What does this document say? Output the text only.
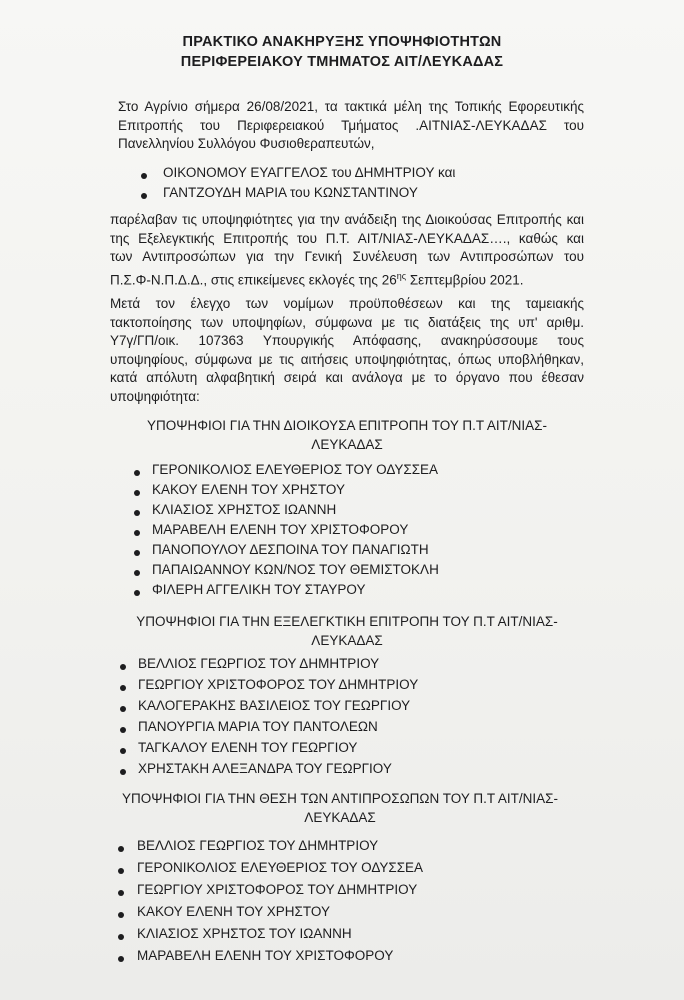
ΠΡΑΚΤΙΚΟ ΑΝΑΚΗΡΥΞΗΣ ΥΠΟΨΗΦΙΟΤΗΤΩΝ
ΠΕΡΙΦΕΡΕΙΑΚΟΥ ΤΜΗΜΑΤΟΣ ΑΙΤ/ΛΕΥΚΑΔΑΣ
Στο Αγρίνιο σήμερα 26/08/2021, τα τακτικά μέλη της Τοπικής Εφορευτικής
Επιτροπής του Περιφερειακού Τμήματος .ΑΙΤΝΙΑΣ-ΛΕΥΚΑΔΑΣ του
Πανελληνίου Συλλόγου Φυσιοθεραπευτών,
ΟΙΚΟΝΟΜΟΥ ΕΥΑΓΓΕΛΟΣ του ΔΗΜΗΤΡΙΟΥ και
ΓΑΝΤΖΟΥΔΗ ΜΑΡΙΑ του ΚΩΝΣΤΑΝΤΙΝΟΥ
παρέλαβαν τις υποψηφιότητες για την ανάδειξη της Διοικούσας Επιτροπής και
της Εξελεγκτικής Επιτροπής του Π.Τ. ΑΙΤ/ΝΙΑΣ-ΛΕΥΚΑΔΑΣ…., καθώς και
των Αντιπροσώπων για την Γενική Συνέλευση των Αντιπροσώπων του
Π.Σ.Φ-Ν.Π.Δ.Δ., στις επικείμενες εκλογές της $26^{\eta\varsigma}$ Σεπτεμβρίου 2021.
Μετά τον έλεγχο των νομίμων προϋποθέσεων και της ταμειακής
τακτοποίησης των υποψηφίων, σύμφωνα με τις διατάξεις της υπ' αριθμ.
Υ7γ/ΓΠ/οικ. 107363 Υπουργικής Απόφασης, ανακηρύσσουμε τους
υποψηφίους, σύμφωνα με τις αιτήσεις υποψηφιότητας, όπως υποβλήθηκαν,
κατά απόλυτη αλφαβητική σειρά και ανάλογα με το όργανο που έθεσαν
υποψηφιότητα:
ΥΠΟΨΗΦΙΟΙ ΓΙΑ ΤΗΝ ΔΙΟΙΚΟΥΣΑ ΕΠΙΤΡΟΠΗ ΤΟΥ Π.Τ ΑΙΤ/ΝΙΑΣ-
ΛΕΥΚΑΔΑΣ
ΓΕΡΟΝΙΚΟΛΙΟΣ ΕΛΕΥΘΕΡΙΟΣ ΤΟΥ ΟΔΥΣΣΕΑ
ΚΑΚΟΥ ΕΛΕΝΗ ΤΟΥ ΧΡΗΣΤΟΥ
ΚΛΙΑΣΙΟΣ ΧΡΗΣΤΟΣ ΙΩΑΝΝΗ
ΜΑΡΑΒΕΛΗ ΕΛΕΝΗ ΤΟΥ ΧΡΙΣΤΟΦΟΡΟΥ
ΠΑΝΟΠΟΥΛΟΥ ΔΕΣΠΟΙΝΑ ΤΟΥ ΠΑΝΑΓΙΩΤΗ
ΠΑΠΑΙΩΑΝΝΟΥ ΚΩΝ/ΝΟΣ ΤΟΥ ΘΕΜΙΣΤΟΚΛΗ
ΦΙΛΕΡΗ ΑΓΓΕΛΙΚΗ ΤΟΥ ΣΤΑΥΡΟΥ
ΥΠΟΨΗΦΙΟΙ ΓΙΑ ΤΗΝ ΕΞΕΛΕΓΚΤΙΚΗ ΕΠΙΤΡΟΠΗ ΤΟΥ Π.Τ ΑΙΤ/ΝΙΑΣ-
ΛΕΥΚΑΔΑΣ
ΒΕΛΛΙΟΣ ΓΕΩΡΓΙΟΣ ΤΟΥ ΔΗΜΗΤΡΙΟΥ
ΓΕΩΡΓΙΟΥ ΧΡΙΣΤΟΦΟΡΟΣ ΤΟΥ ΔΗΜΗΤΡΙΟΥ
ΚΑΛΟΓΕΡΑΚΗΣ ΒΑΣΙΛΕΙΟΣ ΤΟΥ ΓΕΩΡΓΙΟΥ
ΠΑΝΟΥΡΓΙΑ ΜΑΡΙΑ ΤΟΥ ΠΑΝΤΟΛΕΩΝ
ΤΑΓΚΑΛΟΥ ΕΛΕΝΗ ΤΟΥ ΓΕΩΡΓΙΟΥ
ΧΡΗΣΤΑΚΗ ΑΛΕΞΑΝΔΡΑ ΤΟΥ ΓΕΩΡΓΙΟΥ
ΥΠΟΨΗΦΙΟΙ ΓΙΑ ΤΗΝ ΘΕΣΗ ΤΩΝ ΑΝΤΙΠΡΟΣΩΠΩΝ ΤΟΥ Π.Τ ΑΙΤ/ΝΙΑΣ-
ΛΕΥΚΑΔΑΣ
ΒΕΛΛΙΟΣ ΓΕΩΡΓΙΟΣ ΤΟΥ ΔΗΜΗΤΡΙΟΥ
ΓΕΡΟΝΙΚΟΛΙΟΣ ΕΛΕΥΘΕΡΙΟΣ ΤΟΥ ΟΔΥΣΣΕΑ
ΓΕΩΡΓΙΟΥ ΧΡΙΣΤΟΦΟΡΟΣ ΤΟΥ ΔΗΜΗΤΡΙΟΥ
ΚΑΚΟΥ ΕΛΕΝΗ ΤΟΥ ΧΡΗΣΤΟΥ
ΚΛΙΑΣΙΟΣ ΧΡΗΣΤΟΣ ΤΟΥ ΙΩΑΝΝΗ
ΜΑΡΑΒΕΛΗ ΕΛΕΝΗ ΤΟΥ ΧΡΙΣΤΟΦΟΡΟΥ
